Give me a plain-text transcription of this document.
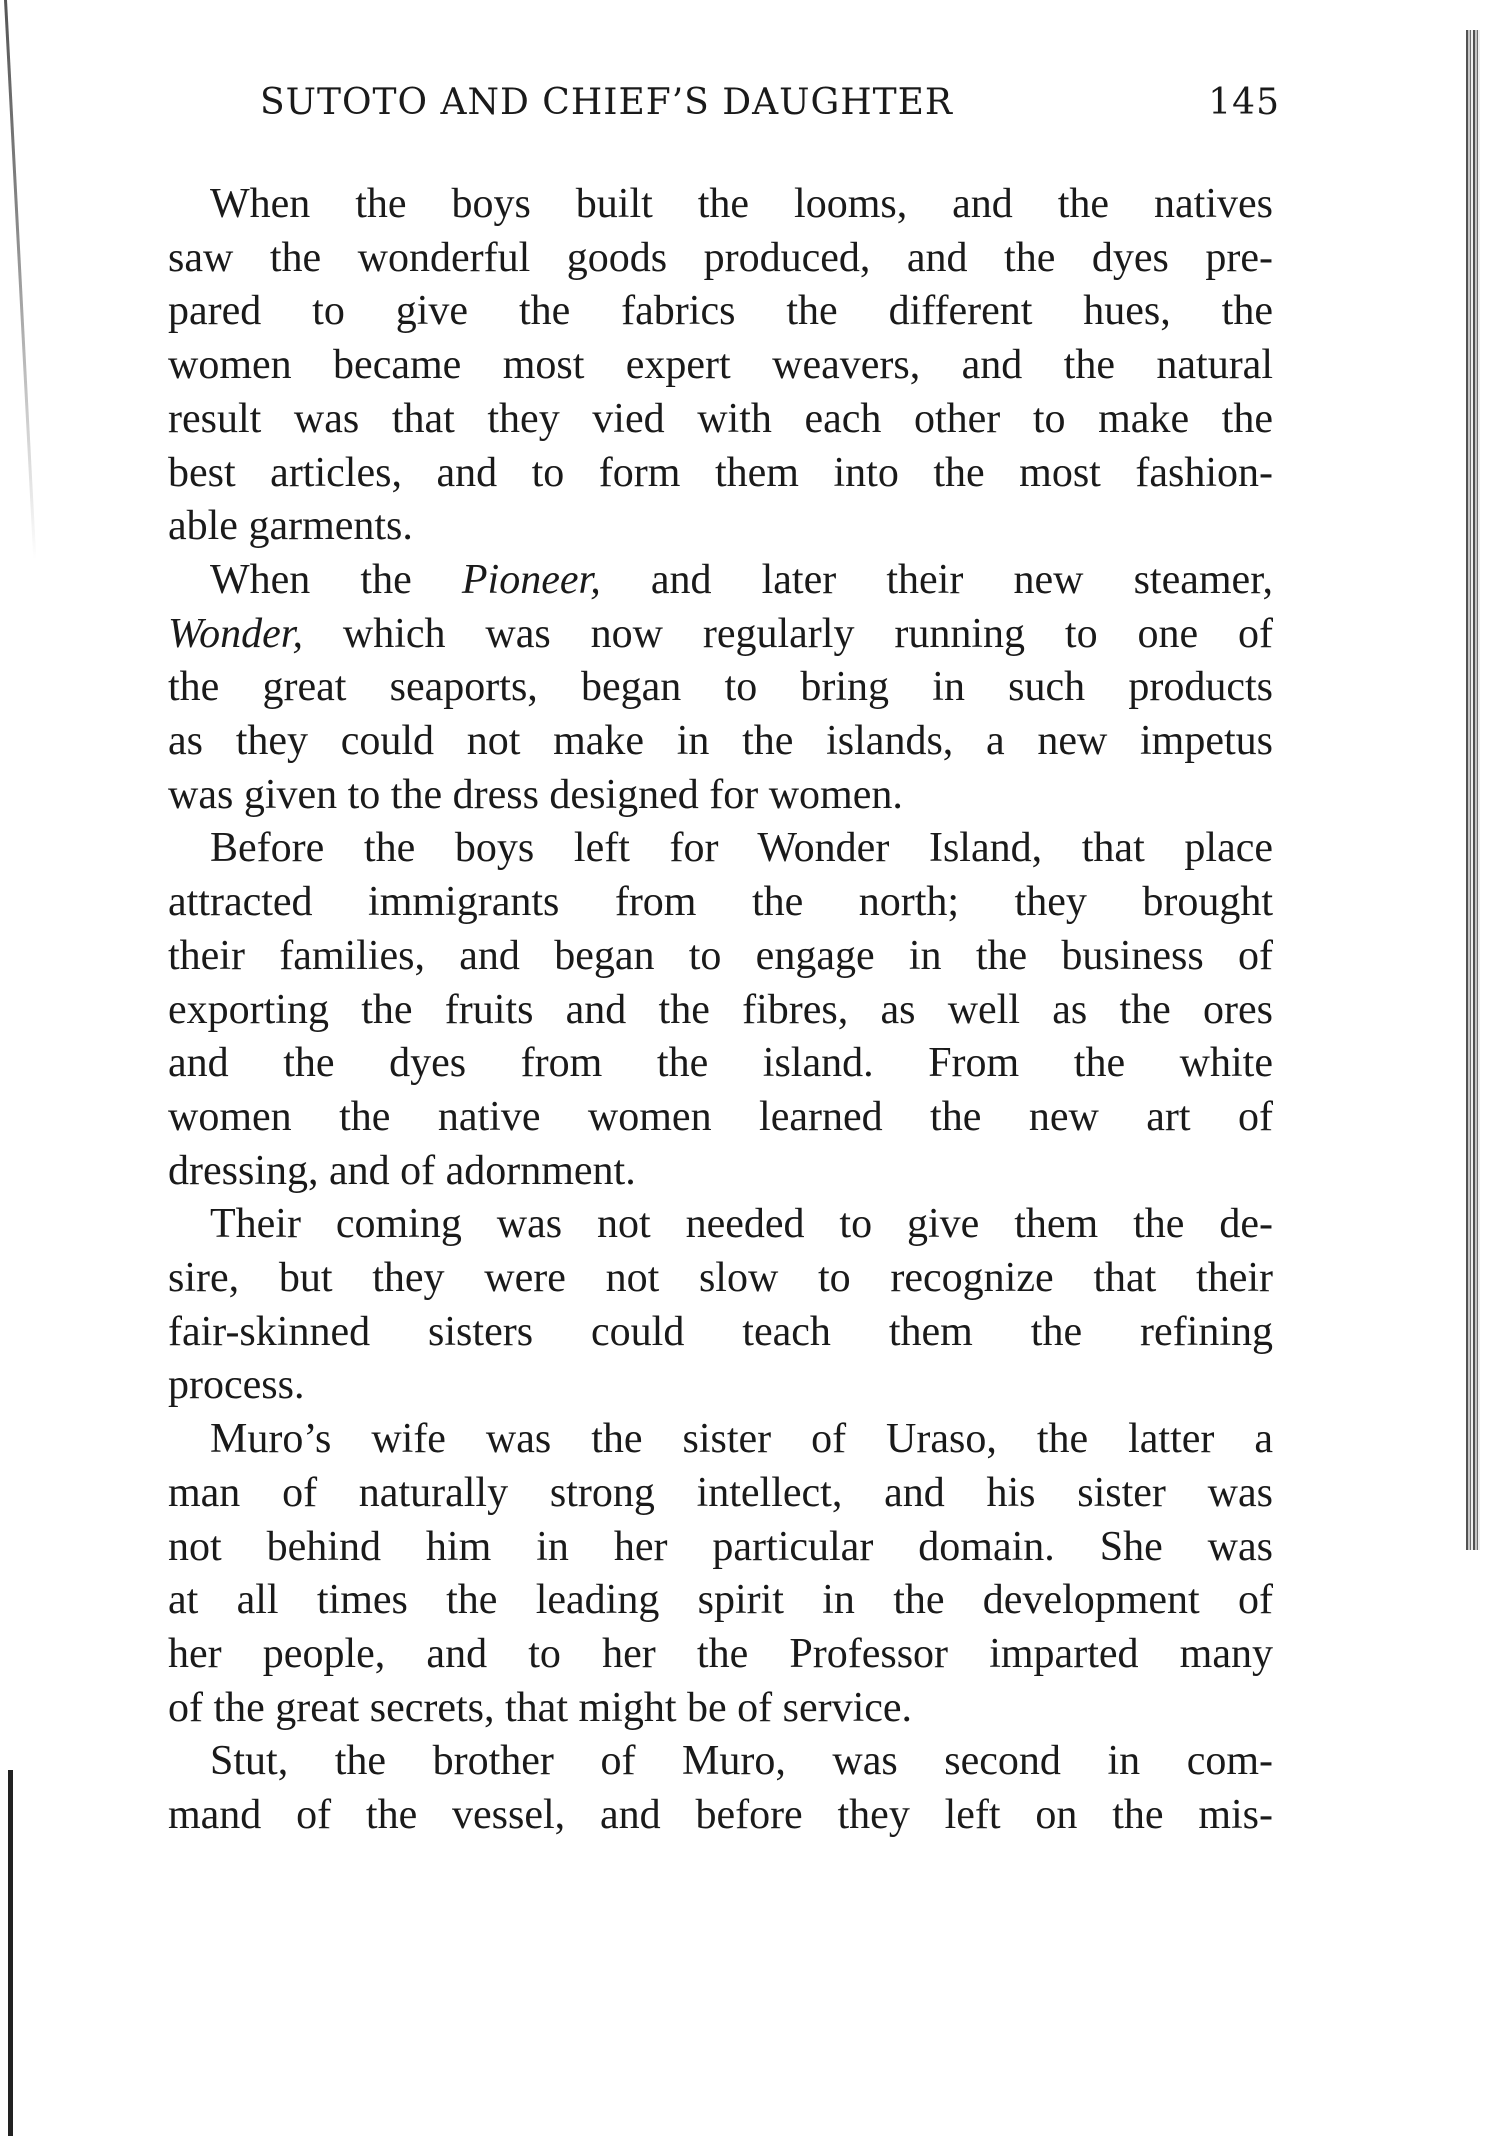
SUTOTO AND CHIEF’S DAUGHTER	145

When the boys built the looms, and the natives
saw the wonderful goods produced, and the dyes pre-
pared to give the fabrics the different hues, the
women became most expert weavers, and the natural
result was that they vied with each other to make the
best articles, and to form them into the most fashion-
able garments.

When the Pioneer, and later their new steamer,
Wonder, which was now regularly running to one of
the great seaports, began to bring in such products
as they could not make in the islands, a new impetus
was given to the dress designed for women.

Before the boys left for Wonder Island, that place
attracted immigrants from the north; they brought
their families, and began to engage in the business of
exporting the fruits and the fibres, as well as the ores
and the dyes from the island. From the white
women the native women learned the new art of
dressing, and of adornment.

Their coming was not needed to give them the de-
sire, but they were not slow to recognize that their
fair-skinned sisters could teach them the refining
process.

Muro’s wife was the sister of Uraso, the latter a
man of naturally strong intellect, and his sister was
not behind him in her particular domain. She was
at all times the leading spirit in the development of
her people, and to her the Professor imparted many
of the great secrets, that might be of service.

Stut, the brother of Muro, was second in com-
mand of the vessel, and before they left on the mis-
